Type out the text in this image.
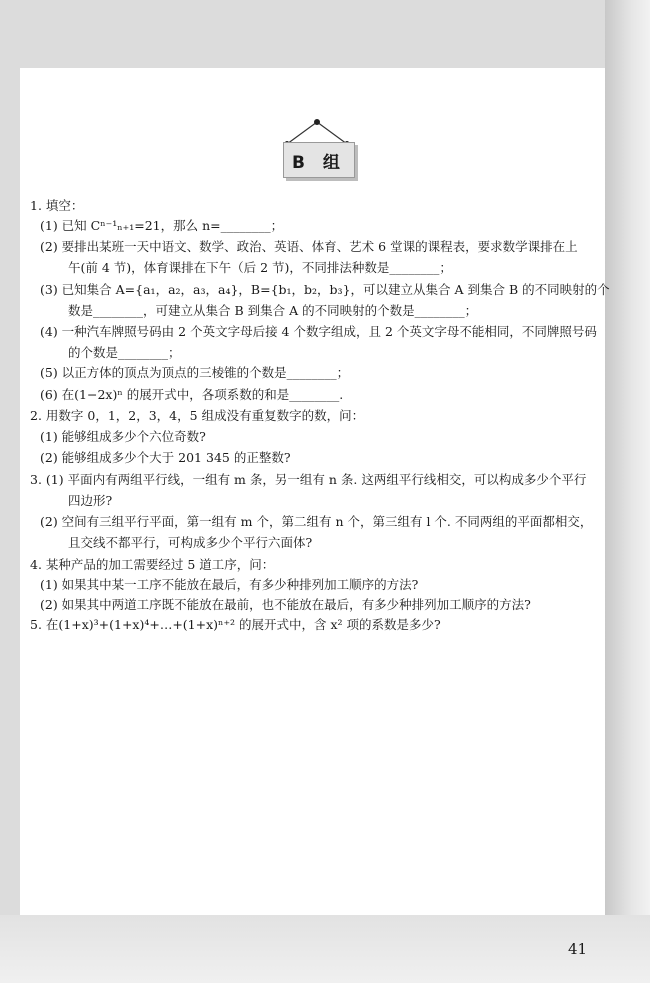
B 组
1. 填空：
(1) 已知 Cⁿ⁻¹ₙ₊₁=21，那么 n=________；
(2) 要排出某班一天中语文、数学、政治、英语、体育、艺术 6 堂课的课程表，要求数学课排在上
午(前 4 节)，体育课排在下午（后 2 节)，不同排法种数是________；
(3) 已知集合 A={a₁，a₂，a₃，a₄}，B={b₁，b₂，b₃}，可以建立从集合 A 到集合 B 的不同映射的个
数是________，可建立从集合 B 到集合 A 的不同映射的个数是________；
(4) 一种汽车牌照号码由 2 个英文字母后接 4 个数字组成，且 2 个英文字母不能相同，不同牌照号码
的个数是________；
(5) 以正方体的顶点为顶点的三棱锥的个数是________；
(6) 在(1−2x)ⁿ 的展开式中，各项系数的和是________.
2. 用数字 0，1，2，3，4，5 组成没有重复数字的数，问：
(1) 能够组成多少个六位奇数?
(2) 能够组成多少个大于 201 345 的正整数?
3. (1) 平面内有两组平行线，一组有 m 条，另一组有 n 条. 这两组平行线相交，可以构成多少个平行
四边形?
(2) 空间有三组平行平面，第一组有 m 个，第二组有 n 个，第三组有 l 个. 不同两组的平面都相交，
且交线不都平行，可构成多少个平行六面体?
4. 某种产品的加工需要经过 5 道工序，问：
(1) 如果其中某一工序不能放在最后，有多少种排列加工顺序的方法?
(2) 如果其中两道工序既不能放在最前，也不能放在最后，有多少种排列加工顺序的方法?
5. 在(1+x)³+(1+x)⁴+…+(1+x)ⁿ⁺² 的展开式中，含 x² 项的系数是多少?
41
